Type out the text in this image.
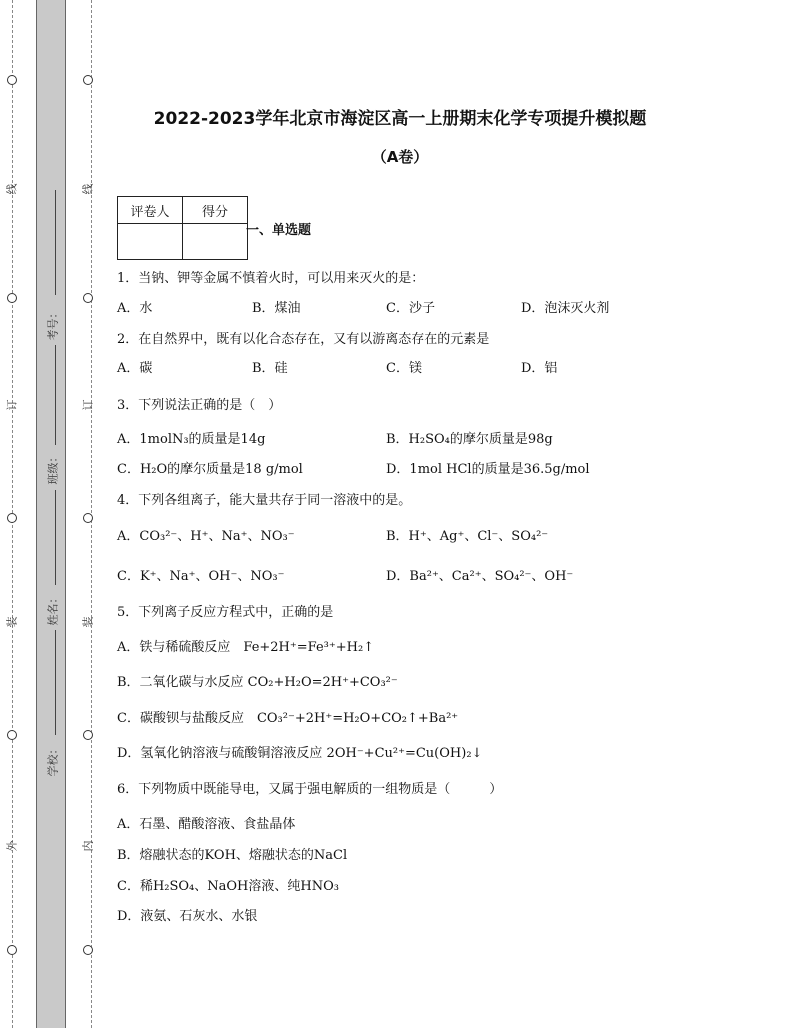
线
订
装
外
线
订
装
内
考号：
班级：
姓名：
学校：
2022-2023学年北京市海淀区高一上册期末化学专项提升模拟题
（A卷）
评卷人	得分

一、单选题
1．当钠、钾等金属不慎着火时，可以用来灭火的是：
A．水	B．煤油	C．沙子	D．泡沫灭火剂
2．在自然界中，既有以化合态存在，又有以游离态存在的元素是
A．碳	B．硅	C．镁	D．铝
3．下列说法正确的是（　）
A．1molN₃的质量是14g	B．H₂SO₄的摩尔质量是98g
C．H₂O的摩尔质量是18 g/mol	D．1mol HCl的质量是36.5g/mol
4．下列各组离子，能大量共存于同一溶液中的是。
A．CO₃²⁻、H⁺、Na⁺、NO₃⁻	B．H⁺、Ag⁺、Cl⁻、SO₄²⁻
C．K⁺、Na⁺、OH⁻、NO₃⁻	D．Ba²⁺、Ca²⁺、SO₄²⁻、OH⁻
5．下列离子反应方程式中，正确的是
A．铁与稀硫酸反应　Fe+2H⁺=Fe³⁺+H₂↑
B．二氧化碳与水反应 CO₂+H₂O=2H⁺+CO₃²⁻
C．碳酸钡与盐酸反应　CO₃²⁻+2H⁺=H₂O+CO₂↑+Ba²⁺
D．氢氧化钠溶液与硫酸铜溶液反应 2OH⁻+Cu²⁺=Cu(OH)₂↓
6．下列物质中既能导电，又属于强电解质的一组物质是（　　　）
A．石墨、醋酸溶液、食盐晶体
B．熔融状态的KOH、熔融状态的NaCl
C．稀H₂SO₄、NaOH溶液、纯HNO₃
D．液氨、石灰水、水银
